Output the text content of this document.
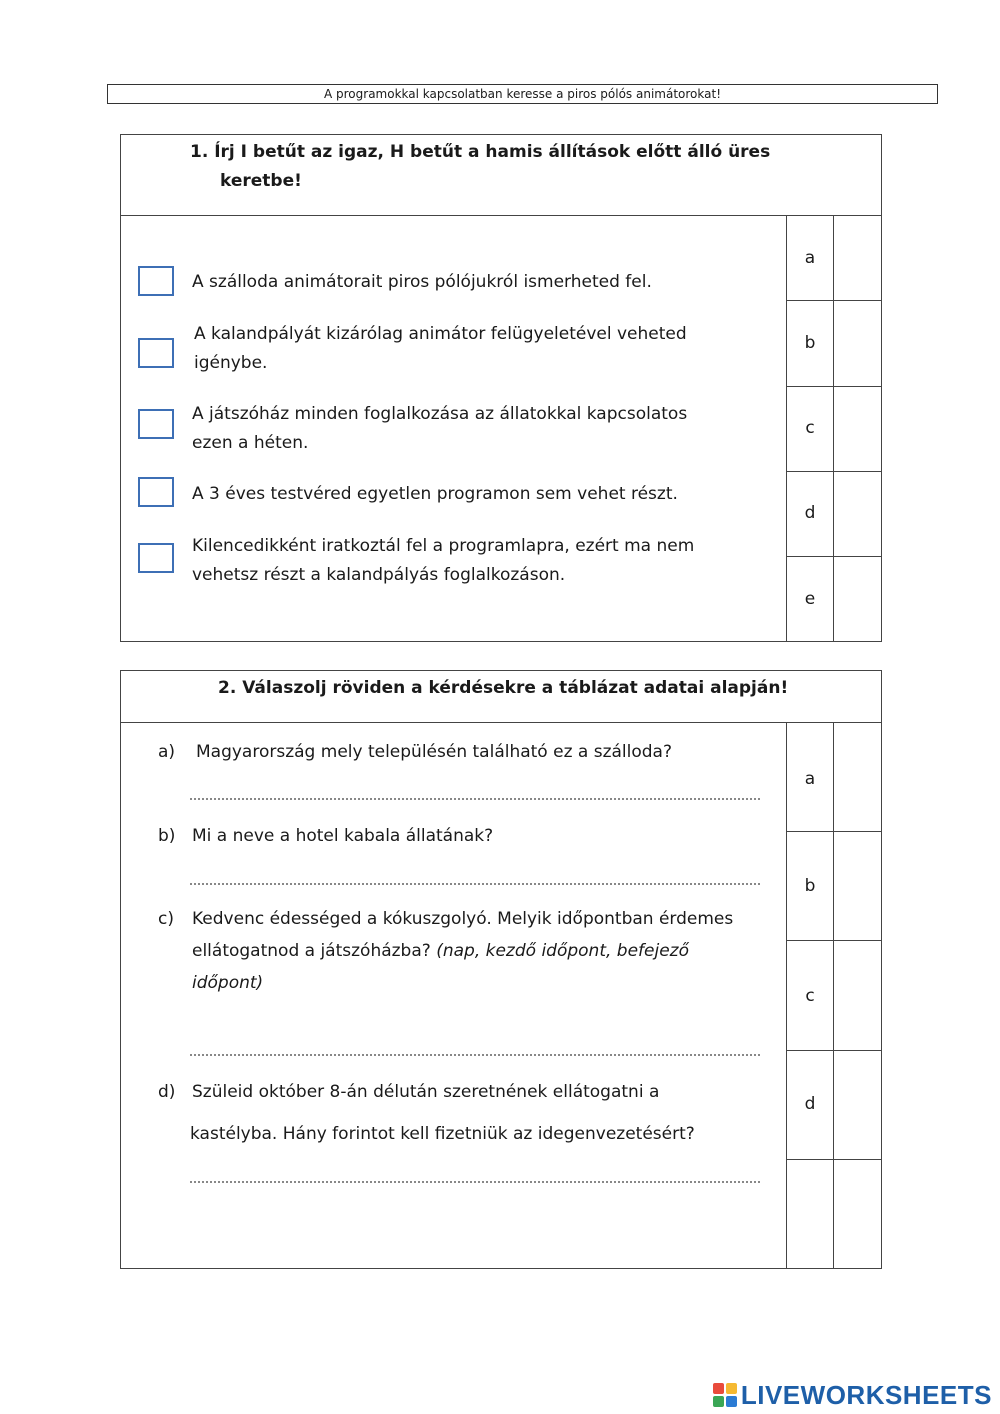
A programokkal kapcsolatban keresse a piros pólós animátorokat!
1. Írj I betűt az igaz, H betűt a hamis állítások előtt álló üres
keretbe!
a
b
c
d
e
A szálloda animátorait piros pólójukról ismerheted fel.
A kalandpályát kizárólag animátor felügyeletével veheted
igénybe.
A játszóház minden foglalkozása az állatokkal kapcsolatos
ezen a héten.
A 3 éves testvéred egyetlen programon sem vehet részt.
Kilencedikként iratkoztál fel a programlapra, ezért ma nem
vehetsz részt a kalandpályás foglalkozáson.
2. Válaszolj röviden a kérdésekre a táblázat adatai alapján!
a
b
c
d
a) Magyarország mely településén található ez a szálloda?
b) Mi a neve a hotel kabala állatának?
c) Kedvenc édességed a kókuszgolyó. Melyik időpontban érdemes
ellátogatnod a játszóházba? (nap, kezdő időpont, befejező
időpont)
d) Szüleid október 8-án délután szeretnének ellátogatni a
kastélyba. Hány forintot kell fizetniük az idegenvezetésért?
LIVEWORKSHEETS
